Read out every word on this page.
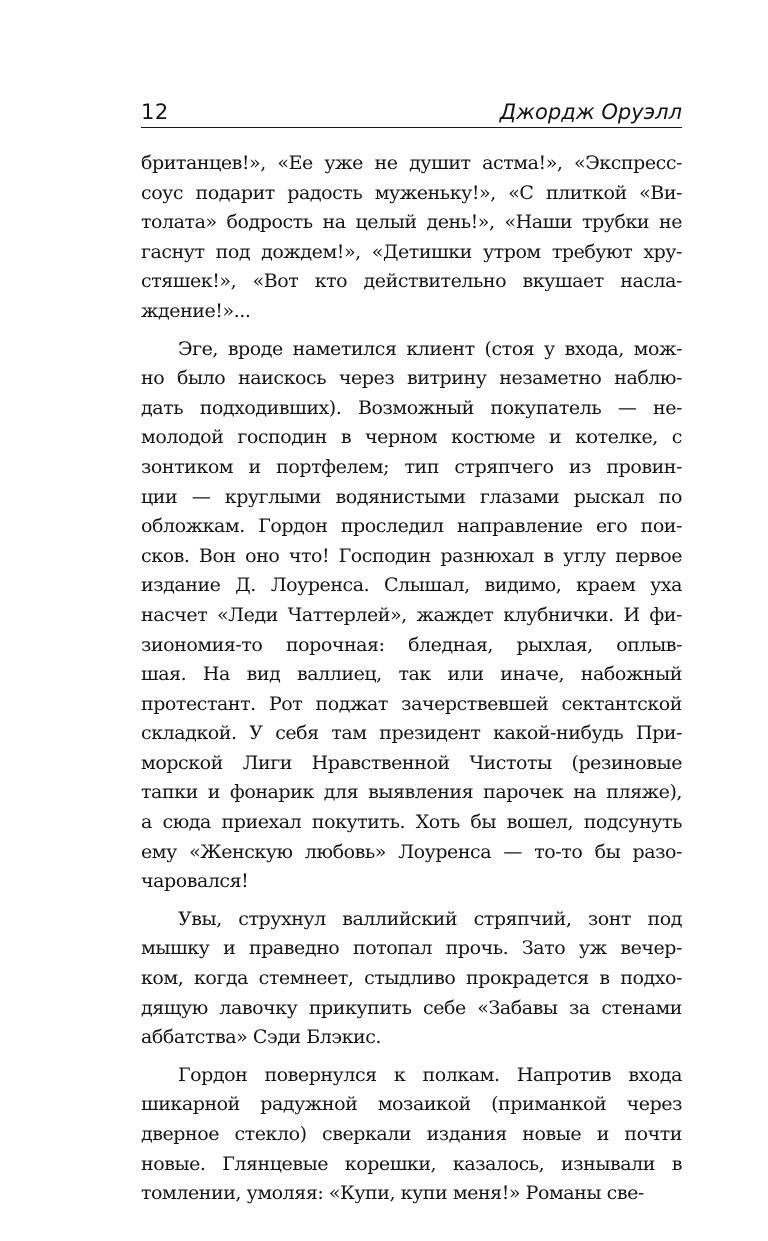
12	Джордж Оруэлл
британцев!», «Ее уже не душит астма!», «Экспресс-
соус подарит радость муженьку!», «С плиткой «Ви-
толата» бодрость на целый день!», «Наши трубки не
гаснут под дождем!», «Детишки утром требуют хру-
стяшек!», «Вот кто действительно вкушает насла-
ждение!»...
Эге, вроде наметился клиент (стоя у входа, мож-
но было наискось через витрину незаметно наблю-
дать подходивших). Возможный покупатель — не-
молодой господин в черном костюме и котелке, с
зонтиком и портфелем; тип стряпчего из провин-
ции — круглыми водянистыми глазами рыскал по
обложкам. Гордон проследил направление его пои-
сков. Вон оно что! Господин разнюхал в углу первое
издание Д. Лоуренса. Слышал, видимо, краем уха
насчет «Леди Чаттерлей», жаждет клубнички. И фи-
зиономия-то порочная: бледная, рыхлая, оплыв-
шая. На вид валлиец, так или иначе, набожный
протестант. Рот поджат зачерствевшей сектантской
складкой. У себя там президент какой-нибудь При-
морской Лиги Нравственной Чистоты (резиновые
тапки и фонарик для выявления парочек на пляже),
а сюда приехал покутить. Хоть бы вошел, подсунуть
ему «Женскую любовь» Лоуренса — то-то бы разо-
чаровался!
Увы, струхнул валлийский стряпчий, зонт под
мышку и праведно потопал прочь. Зато уж вечер-
ком, когда стемнеет, стыдливо прокрадется в подхо-
дящую лавочку прикупить себе «Забавы за стенами
аббатства» Сэди Блэкис.
Гордон повернулся к полкам. Напротив входа
шикарной радужной мозаикой (приманкой через
дверное стекло) сверкали издания новые и почти
новые. Глянцевые корешки, казалось, изнывали в
томлении, умоляя: «Купи, купи меня!» Романы све-
